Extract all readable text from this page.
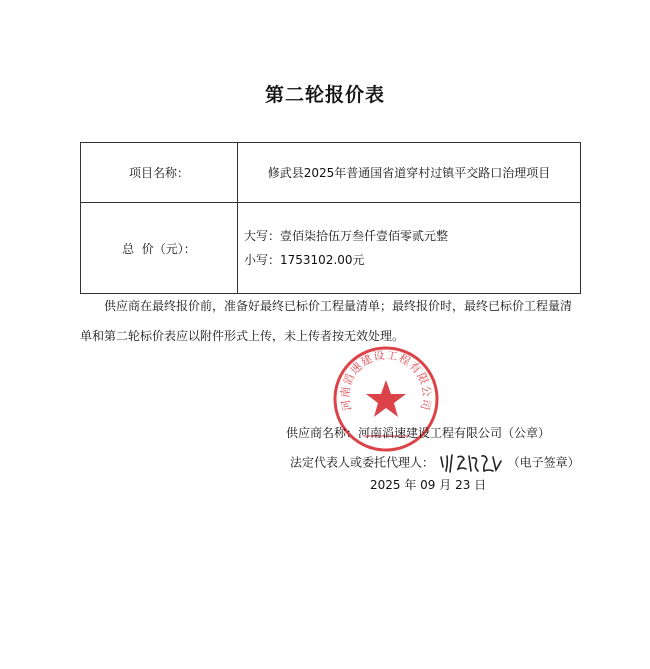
第二轮报价表
项目名称：	修武县2025年普通国省道穿村过镇平交路口治理项目
总  价（元）：	大写：壹佰柒拾伍万叁仟壹佰零贰元整
小写：1753102.00元
供应商在最终报价前，准备好最终已标价工程量清单；最终报价时，最终已标价工程量清单和第二轮标价表应以附件形式上传，未上传者按无效处理。
河南滔速建设工程有限公司
供应商名称：河南滔速建设工程有限公司（公章）
法定代表人或委托代理人：	（电子签章）
2025 年 09 月 23 日
